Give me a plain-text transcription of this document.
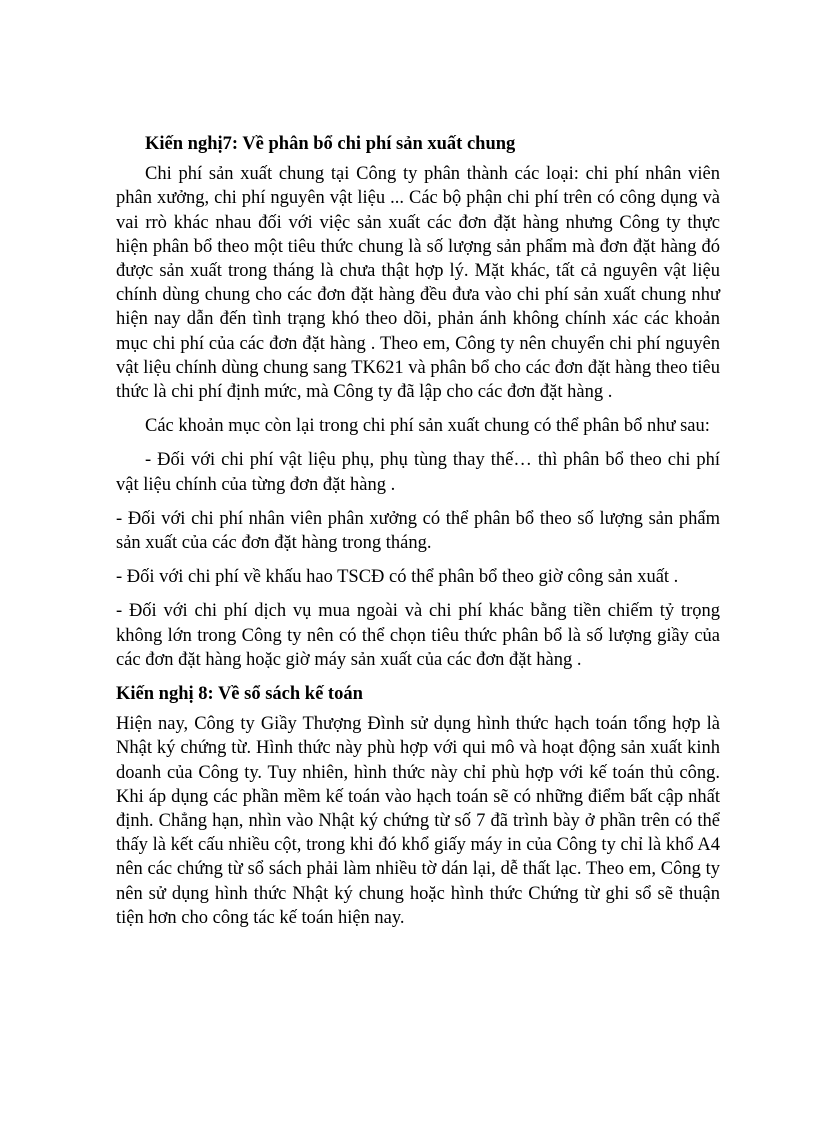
Kiến nghị7: Về phân bổ chi phí sản xuất chung

Chi phí sản xuất chung tại Công ty phân thành các loại: chi phí nhân viên phân xưởng, chi phí nguyên vật liệu ... Các bộ phận chi phí trên có công dụng và vai rrò khác nhau đối với việc sản xuất các đơn đặt hàng nhưng Công ty thực hiện phân bổ theo một tiêu thức chung là số lượng sản phẩm mà đơn đặt hàng đó được sản xuất trong tháng là chưa thật hợp lý. Mặt khác, tất cả nguyên vật liệu chính dùng chung cho các đơn đặt hàng đều đưa vào chi phí sản xuất chung như hiện nay dẫn đến tình trạng khó theo dõi, phản ánh không chính xác các khoản mục chi phí của các đơn đặt hàng . Theo em, Công ty nên chuyển chi phí nguyên vật liệu chính dùng chung sang TK621 và phân bổ cho các đơn đặt hàng theo tiêu thức là chi phí định mức, mà Công ty đã lập cho các đơn đặt hàng .

Các khoản mục còn lại trong chi phí sản xuất chung có thể phân bổ như sau:

- Đối với chi phí vật liệu phụ, phụ tùng thay thế… thì phân bổ theo chi phí vật liệu chính của từng đơn đặt hàng .

- Đối với chi phí nhân viên phân xưởng có thể phân bổ theo số lượng sản phẩm sản xuất của các đơn đặt hàng trong tháng.

- Đối với chi phí về khấu hao TSCĐ có thể phân bổ theo giờ công sản xuất .

- Đối với chi phí dịch vụ mua ngoài và chi phí khác bằng tiền chiếm tỷ trọng không lớn trong Công ty nên có thể chọn tiêu thức phân bổ là số lượng giầy của các đơn đặt hàng hoặc giờ máy sản xuất của các đơn đặt hàng .

Kiến nghị 8: Về sổ sách kế toán

Hiện nay, Công ty Giầy Thượng Đình sử dụng hình thức hạch toán tổng hợp là Nhật ký chứng từ. Hình thức này phù hợp với qui mô và hoạt động sản xuất kinh doanh của Công ty. Tuy nhiên, hình thức này chỉ phù hợp với kế toán thủ công. Khi áp dụng các phần mềm kế toán vào hạch toán sẽ có những điểm bất cập nhất định. Chẳng hạn, nhìn vào Nhật ký chứng từ số 7 đã trình bày ở phần trên có thể thấy là kết cấu nhiều cột, trong khi đó khổ giấy máy in của Công ty chỉ là khổ A4 nên các chứng từ sổ sách phải làm nhiều tờ dán lại, dễ thất lạc. Theo em, Công ty nên sử dụng hình thức Nhật ký chung hoặc hình thức Chứng từ ghi sổ sẽ thuận tiện hơn cho công tác kế toán hiện nay.
